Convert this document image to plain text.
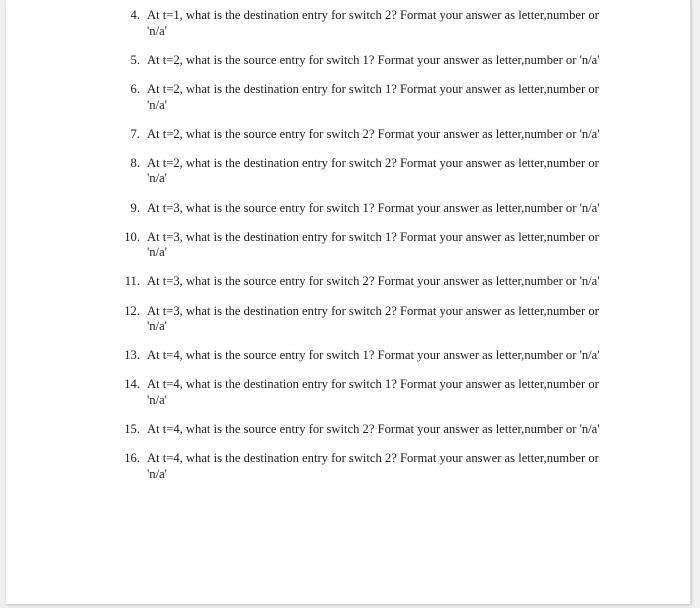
4. At t=1, what is the destination entry for switch 2? Format your answer as letter,number or 'n/a'
5. At t=2, what is the source entry for switch 1? Format your answer as letter,number or 'n/a'
6. At t=2, what is the destination entry for switch 1? Format your answer as letter,number or 'n/a'
7. At t=2, what is the source entry for switch 2? Format your answer as letter,number or 'n/a'
8. At t=2, what is the destination entry for switch 2? Format your answer as letter,number or 'n/a'
9. At t=3, what is the source entry for switch 1? Format your answer as letter,number or 'n/a'
10. At t=3, what is the destination entry for switch 1? Format your answer as letter,number or 'n/a'
11. At t=3, what is the source entry for switch 2? Format your answer as letter,number or 'n/a'
12. At t=3, what is the destination entry for switch 2? Format your answer as letter,number or 'n/a'
13. At t=4, what is the source entry for switch 1? Format your answer as letter,number or 'n/a'
14. At t=4, what is the destination entry for switch 1? Format your answer as letter,number or 'n/a'
15. At t=4, what is the source entry for switch 2? Format your answer as letter,number or 'n/a'
16. At t=4, what is the destination entry for switch 2? Format your answer as letter,number or 'n/a'
